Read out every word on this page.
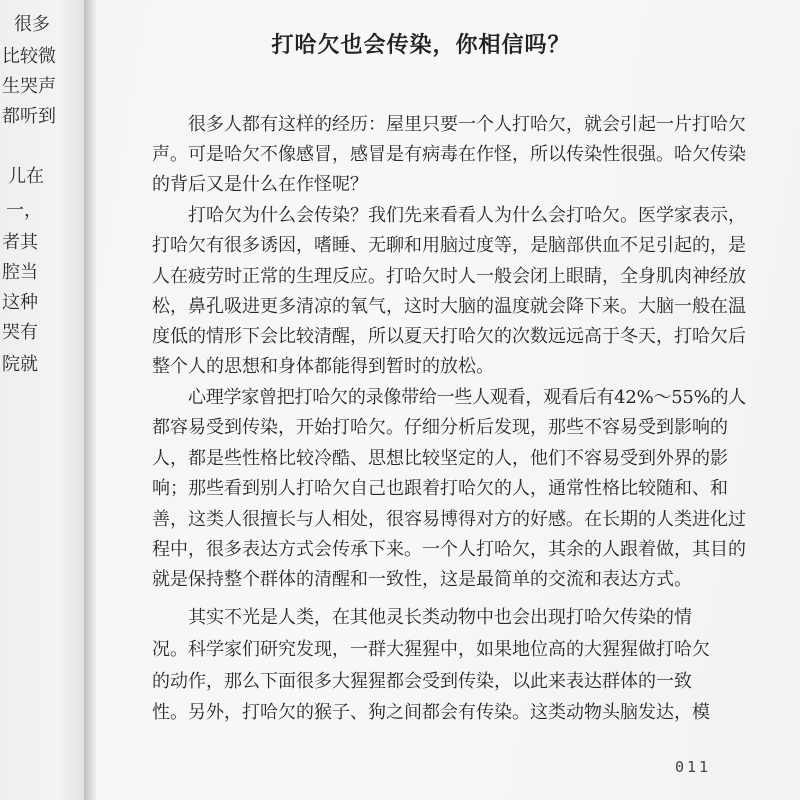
很多
比较微
生哭声
都听到
儿在
一，
者其
腔当
这种
哭有
院就
打哈欠也会传染，你相信吗？
很多人都有这样的经历：屋里只要一个人打哈欠，就会引起一片打哈欠
声。可是哈欠不像感冒，感冒是有病毒在作怪，所以传染性很强。哈欠传染
的背后又是什么在作怪呢？
打哈欠为什么会传染？我们先来看看人为什么会打哈欠。医学家表示，
打哈欠有很多诱因，嗜睡、无聊和用脑过度等，是脑部供血不足引起的，是
人在疲劳时正常的生理反应。打哈欠时人一般会闭上眼睛，全身肌肉神经放
松，鼻孔吸进更多清凉的氧气，这时大脑的温度就会降下来。大脑一般在温
度低的情形下会比较清醒，所以夏天打哈欠的次数远远高于冬天，打哈欠后
整个人的思想和身体都能得到暂时的放松。
心理学家曾把打哈欠的录像带给一些人观看，观看后有42%～55%的人
都容易受到传染，开始打哈欠。仔细分析后发现，那些不容易受到影响的
人，都是些性格比较冷酷、思想比较坚定的人，他们不容易受到外界的影
响；那些看到别人打哈欠自己也跟着打哈欠的人，通常性格比较随和、和
善，这类人很擅长与人相处，很容易博得对方的好感。在长期的人类进化过
程中，很多表达方式会传承下来。一个人打哈欠，其余的人跟着做，其目的
就是保持整个群体的清醒和一致性，这是最简单的交流和表达方式。
其实不光是人类，在其他灵长类动物中也会出现打哈欠传染的情
况。科学家们研究发现，一群大猩猩中，如果地位高的大猩猩做打哈欠
的动作，那么下面很多大猩猩都会受到传染，以此来表达群体的一致
性。另外，打哈欠的猴子、狗之间都会有传染。这类动物头脑发达，模
011
